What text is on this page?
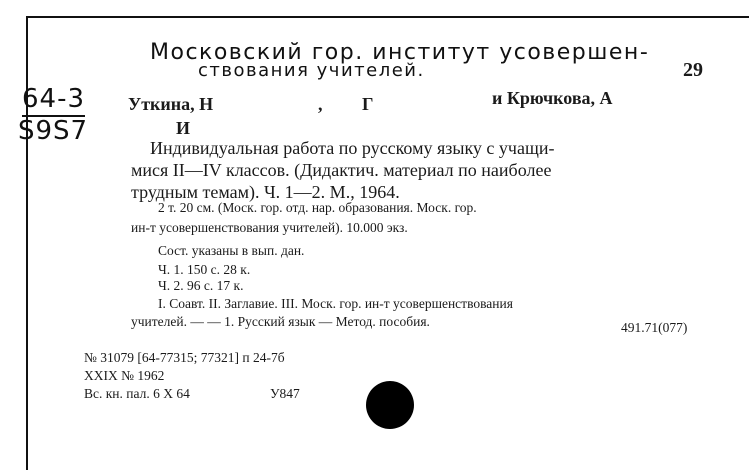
Московский гор. институт усовершен-
ствования учителей.	29
64-3
S9S7
Уткина, Н	, Г	и Крючкова, А
И
Индивидуальная работа по русскому языку с учащи-
мися II—IV классов. (Дидактич. материал по наиболее
трудным темам). Ч. 1—2. М., 1964.
2 т. 20 см. (Моск. гор. отд. нар. образования. Моск. гор.
ин-т усовершенствования учителей). 10.000 экз.
Сост. указаны в вып. дан.
Ч. 1. 150 с. 28 к.
Ч. 2. 96 с. 17 к.
I. Соавт. II. Заглавие. III. Моск. гор. ин-т усовершенствования
учителей. — — 1. Русский язык — Метод. пособия.	491.71(077)
№ 31079 [64-77315; 77321] п 24-7б
XXIX № 1962
Вс. кн. пал. 6 X 64	У847
